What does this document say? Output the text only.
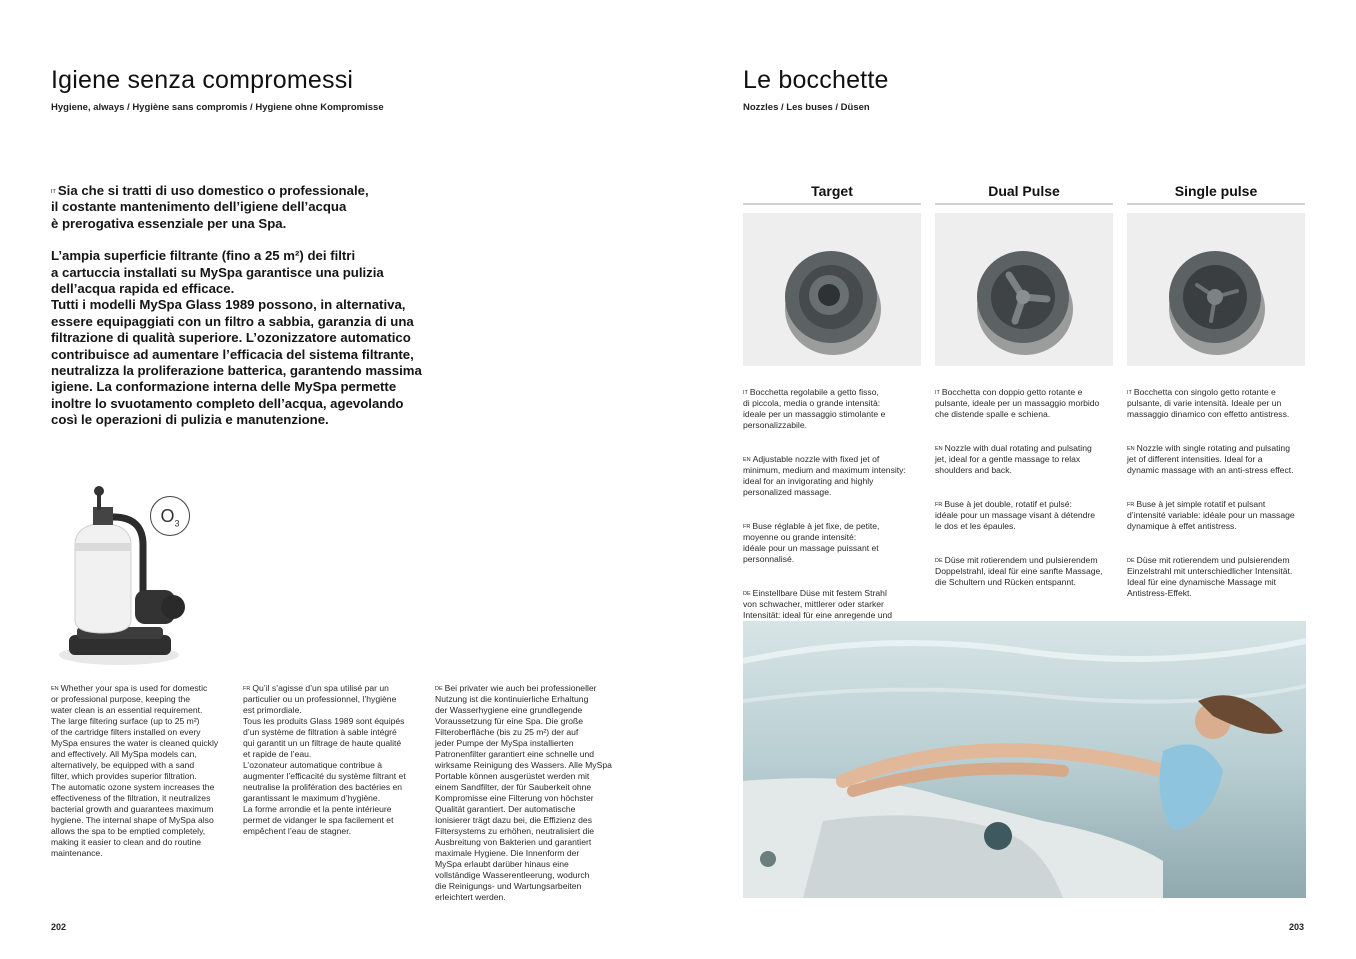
Igiene senza compromessi
Hygiene, always / Hygiène sans compromis / Hygiene ohne Kompromisse

$^{IT}$ Sia che si tratti di uso domestico o professionale,
il costante mantenimento dell’igiene dell’acqua
è prerogativa essenziale per una Spa.

L’ampia superficie filtrante (fino a 25 m²) dei filtri
a cartuccia installati su MySpa garantisce una pulizia
dell’acqua rapida ed efficace.
Tutti i modelli MySpa Glass 1989 possono, in alternativa,
essere equipaggiati con un filtro a sabbia, garanzia di una
filtrazione di qualità superiore. L’ozonizzatore automatico
contribuisce ad aumentare l’efficacia del sistema filtrante,
neutralizza la proliferazione batterica, garantendo massima
igiene. La conformazione interna delle MySpa permette
inoltre lo svuotamento completo dell’acqua, agevolando
così le operazioni di pulizia e manutenzione.

$O_3$
$^{EN}$ Whether your spa is used for domestic
or professional purpose, keeping the
water clean is an essential requirement.
The large filtering surface (up to 25 m²)
of the cartridge filters installed on every
MySpa ensures the water is cleaned quickly
and effectively. All MySpa models can,
alternatively, be equipped with a sand
filter, which provides superior filtration.
The automatic ozone system increases the
effectiveness of the filtration, it neutralizes
bacterial growth and guarantees maximum
hygiene. The internal shape of MySpa also
allows the spa to be emptied completely,
making it easier to clean and do routine
maintenance.
$^{FR}$ Qu’il s’agisse d’un spa utilisé par un
particulier ou un professionnel, l’hygiène
est primordiale.
Tous les produits Glass 1989 sont équipés
d’un système de filtration à sable intégré
qui garantit un un filtrage de haute qualité
et rapide de l’eau.
L’ozonateur automatique contribue à
augmenter l’efficacité du système filtrant et
neutralise la prolifération des bactéries en
garantissant le maximum d’hygiène.
La forme arrondie et la pente intérieure
permet de vidanger le spa facilement et
empêchent l’eau de stagner.
$^{DE}$ Bei privater wie auch bei professioneller
Nutzung ist die kontinuierliche Erhaltung
der Wasserhygiene eine grundlegende
Voraussetzung für eine Spa. Die große
Filteroberfläche (bis zu 25 m²) der auf
jeder Pumpe der MySpa installierten
Patronenfilter garantiert eine schnelle und
wirksame Reinigung des Wassers. Alle MySpa
Portable können ausgerüstet werden mit
einem Sandfilter, der für Sauberkeit ohne
Kompromisse eine Filterung von höchster
Qualität garantiert. Der automatische
Ionisierer trägt dazu bei, die Effizienz des
Filtersystems zu erhöhen, neutralisiert die
Ausbreitung von Bakterien und garantiert
maximale Hygiene. Die Innenform der
MySpa erlaubt darüber hinaus eine
vollständige Wasserentleerung, wodurch
die Reinigungs- und Wartungsarbeiten
erleichtert werden.
202
Le bocchette
Nozzles / Les buses / Düsen
Target	Dual Pulse	Single pulse

$^{IT}$ Bocchetta regolabile a getto fisso,
di piccola, media o grande intensità:
ideale per un massaggio stimolante e
personalizzabile.

$^{EN}$ Adjustable nozzle with fixed jet of
minimum, medium and maximum intensity:
ideal for an invigorating and highly
personalized massage.

$^{FR}$ Buse réglable à jet fixe, de petite,
moyenne ou grande intensité:
idéale pour un massage puissant et
personnalisé.

$^{DE}$ Einstellbare Düse mit festem Strahl
von schwacher, mittlerer oder starker
Intensität: ideal für eine anregende und

$^{IT}$ Bocchetta con doppio getto rotante e
pulsante, ideale per un massaggio morbido
che distende spalle e schiena.

$^{EN}$ Nozzle with dual rotating and pulsating
jet, ideal for a gentle massage to relax
shoulders and back.

$^{FR}$ Buse à jet double, rotatif et pulsé:
idéale pour un massage visant à détendre
le dos et les épaules.

$^{DE}$ Düse mit rotierendem und pulsierendem
Doppelstrahl, ideal für eine sanfte Massage,
die Schultern und Rücken entspannt.

$^{IT}$ Bocchetta con singolo getto rotante e
pulsante, di varie intensità. Ideale per un
massaggio dinamico con effetto antistress.

$^{EN}$ Nozzle with single rotating and pulsating
jet of different intensities. Ideal for a
dynamic massage with an anti-stress effect.

$^{FR}$ Buse à jet simple rotatif et pulsant
d’intensité variable: idéale pour un massage
dynamique à effet antistress.

$^{DE}$ Düse mit rotierendem und pulsierendem
Einzelstrahl mit unterschiedlicher Intensität.
Ideal für eine dynamische Massage mit
Antistress-Effekt.

203
